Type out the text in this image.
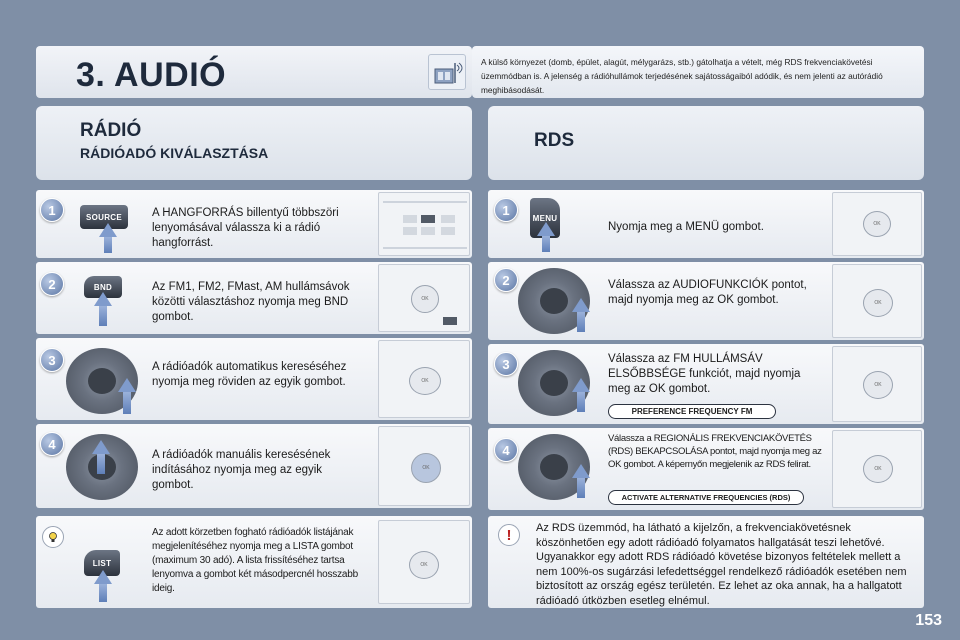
3. AUDIÓ	A külső környezet (domb, épület, alagút, mélygarázs, stb.) gátolhatja a vételt, még RDS frekvenciakövetési üzemmódban is. A jelenség a rádióhullámok terjedésének sajátosságaiból adódik, és nem jelenti az autórádió meghibásodását.
RÁDIÓ
RÁDIÓADÓ KIVÁLASZTÁSA
RDS
1	SOURCE	A HANGFORRÁS billentyű többszöri lenyomásával válassza ki a rádió hangforrást.
2	BND	Az FM1, FM2, FMast, AM hullámsávok közötti választáshoz nyomja meg BND gombot.
OK
3	A rádióadók automatikus kereséséhez nyomja meg röviden az egyik gombot.	OK
4
A rádióadók manuális keresésének indításához nyomja meg az egyik gombot.
OK
LIST
Az adott körzetben fogható rádióadók listájának megjelenítéséhez nyomja meg a LISTA gombot (maximum 30 adó). A lista frissítéséhez tartsa lenyomva a gombot két másodpercnél hosszabb ideig.
OK
1
MENU
Nyomja meg a MENÜ gombot.	OK
2	Válassza az AUDIOFUNKCIÓK pontot, majd nyomja meg az OK gombot.	OK
3	Válassza az FM HULLÁMSÁV ELSŐBBSÉGE funkciót, majd nyomja meg az OK gombot.
PREFERENCE FREQUENCY FM
OK
4
Válassza a REGIONÁLIS FREKVENCIAKÖVETÉS (RDS) BEKAPCSOLÁSA pontot, majd nyomja meg az OK gombot. A képernyőn megjelenik az RDS felirat.
ACTIVATE ALTERNATIVE FREQUENCIES (RDS)
OK
!	Az RDS üzemmód, ha látható a kijelzőn, a frekvenciakövetésnek köszönhetően egy adott rádióadó folyamatos hallgatását teszi lehetővé. Ugyanakkor egy adott RDS rádióadó követése bizonyos feltételek mellett a nem 100%-os sugárzási lefedettséggel rendelkező rádióadók esetében nem biztosított az ország egész területén. Ez lehet az oka annak, ha a hallgatott rádióadó útközben esetleg elnémul.
153
